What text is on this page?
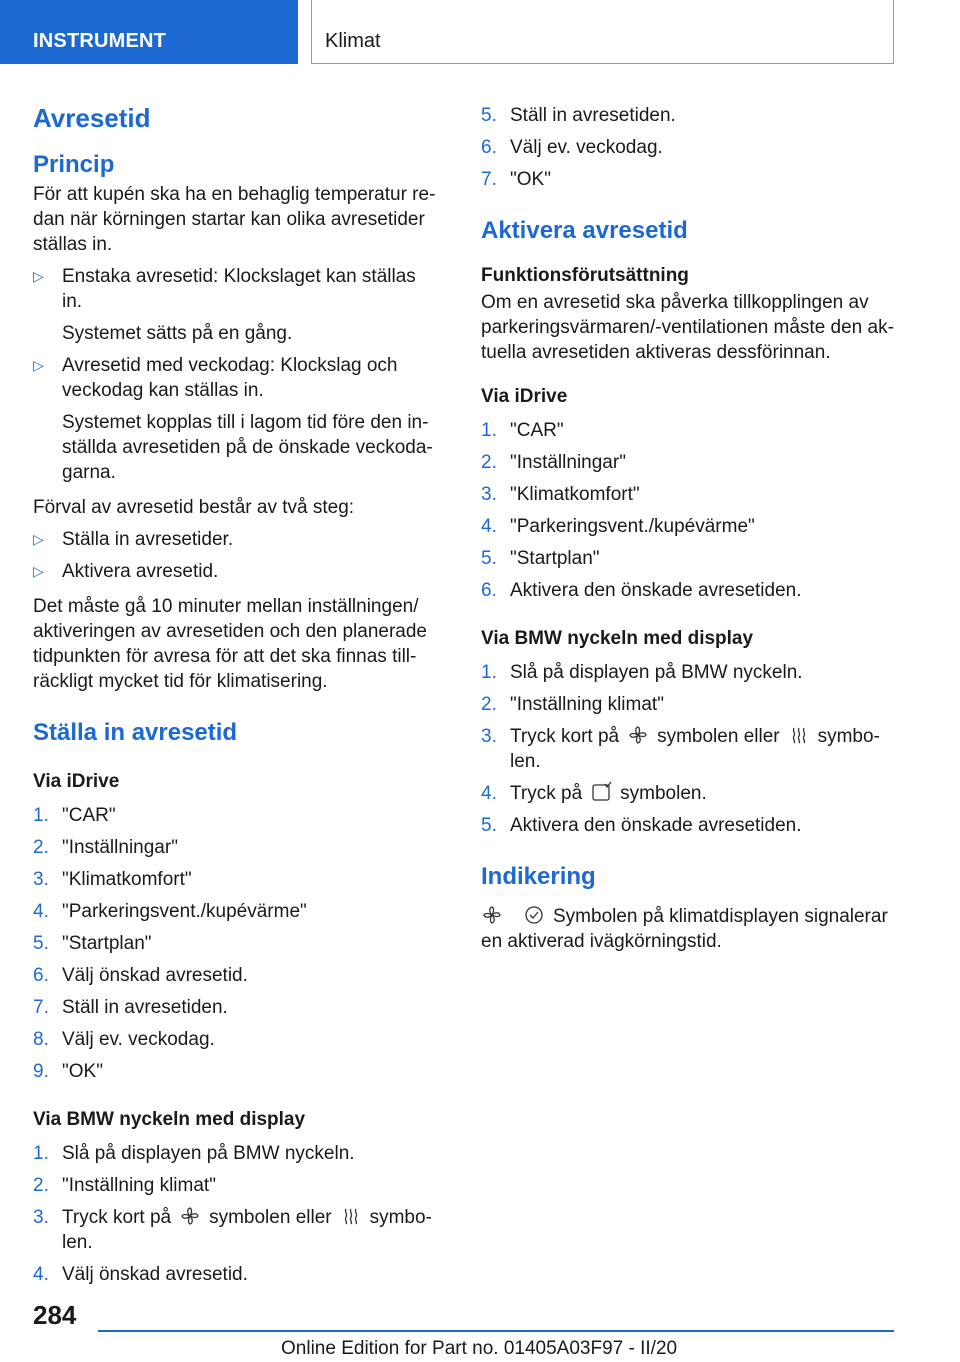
INSTRUMENT	Klimat
Avresetid
Princip

För att kupén ska ha en behaglig temperatur re-dan när körningen startar kan olika avresetider ställas in.

▷ Enstaka avresetid: Klockslaget kan ställas in.
Systemet sätts på en gång.
▷ Avresetid med veckodag: Klockslag och veckodag kan ställas in.
Systemet kopplas till i lagom tid före den in-ställda avresetiden på de önskade veckoda-garna.

Förval av avresetid består av två steg:

▷ Ställa in avresetider.
▷ Aktivera avresetid.

Det måste gå 10 minuter mellan inställningen/ aktiveringen av avresetiden och den planerade tidpunkten för avresa för att det ska finnas till-räckligt mycket tid för klimatisering.

Ställa in avresetid
Via iDrive
1. "CAR"
2. "Inställningar"
3. "Klimatkomfort"
4. "Parkeringsvent./kupévärme"
5. "Startplan"
6. Välj önskad avresetid.
7. Ställ in avresetiden.
8. Välj ev. veckodag.
9. "OK"
Via BMW nyckeln med display
1. Slå på displayen på BMW nyckeln.
2. "Inställning klimat"
3. Tryck kort på symbolen eller symbo-len.
4. Välj önskad avresetid.
5. Ställ in avresetiden.
6. Välj ev. veckodag.
7. "OK"
Aktivera avresetid
Funktionsförutsättning

Om en avresetid ska påverka tillkopplingen av parkeringsvärmaren/-ventilationen måste den ak-tuella avresetiden aktiveras dessförinnan.

Via iDrive
1. "CAR"
2. "Inställningar"
3. "Klimatkomfort"
4. "Parkeringsvent./kupévärme"
5. "Startplan"
6. Aktivera den önskade avresetiden.
Via BMW nyckeln med display
1. Slå på displayen på BMW nyckeln.
2. "Inställning klimat"
3. Tryck kort på symbolen eller symbo-len.
4. Tryck på symbolen.
5. Aktivera den önskade avresetiden.
Indikering

Symbolen på klimatdisplayen signalerar en aktiverad ivägkörningstid.

284
Online Edition for Part no. 01405A03F97 - II/20
